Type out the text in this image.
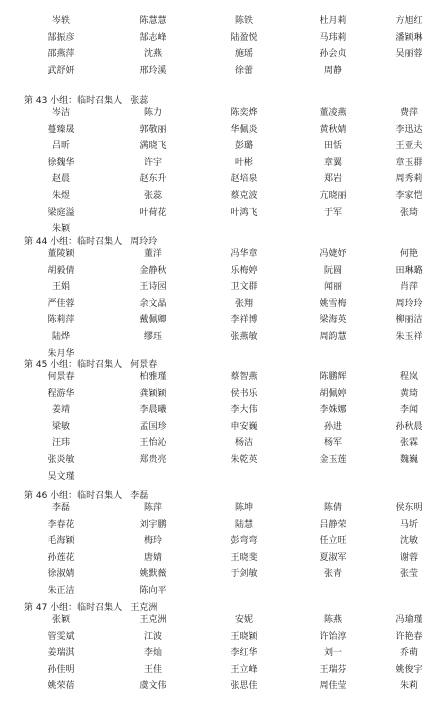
岑轶	陈慧慧	陈铁	杜月莉	方旭红
郜振彦	郜志峰	陆盈悦	马玮莉	潘颖琳
邵燕萍	沈燕	施瑶	孙会贞	吴丽蓉
武舒妍	邢玲溪	徐蕾	周静
第 43 小组：临时召集人 张蕊
岑洁	陈力	陈奕烨	董凌燕	费萍
蔓臻晟	郭敬丽	华佩炎	黄秋婧	李迅达
吕昕	满晓飞	彭璐	田恬	王亚夫
徐魏华	许宇	叶彬	章翼	章玉群
赵晨	赵东升	赵培泉	郑岩	周秀莉
朱煜	张蕊	蔡克波	亢晓丽	李家恺
梁庭溢	叶荷花	叶鸿飞	于军	张琦
朱颖
第 44 小组：临时召集人 周玲玲
董陵颖	董洋	冯华章	冯婕妤	何艳
胡毅倩	金静秋	乐梅婷	阮圆	田琳璐
王娟	王诗园	卫文群	闻丽	肖萍
严佳蓉	余文晶	张翔	姚雪梅	周玲玲
陈莉萍	戴佩卿	李祥博	梁海英	柳丽洁
陆烨	缪珏	张燕敏	周韵慧	朱玉祥
朱月华
第 45 小组：临时召集人 何景春
何景春	柏雅瑾	蔡智燕	陈鹏辉	程岚
程游华	龚颖颖	侯书乐	胡佩婷	黄琦
姜靖	李晨曦	李大伟	李姝娜	李闻
梁敏	孟国珍	申安巍	孙进	孙秋晨
汪玮	王怡沁	杨洁	杨军	张霖
张炎敏	郑贵亮	朱乾英	金玉莲	魏巍
吴文瑾
第 46 小组：临时召集人 李磊
李磊	陈萍	陈坤	陈倩	侯东明
李春花	刘宇鹏	陆慧	吕静荣	马圻
毛海颖	梅玲	彭弯弯	任立旺	沈敏
孙莲花	唐婧	王晓斐	夏淑军	谢蓉
徐淑婧	姚默薇	于剑敏	张青	张莹
朱正洁	陈向平
第 47 小组：临时召集人 王克洲
张颖	王克洲	安妮	陈燕	冯瑜瑾
管雯斌	江波	王晓颖	许饴淳	许艳春
姜瑞淇	李灿	李红华	刘一	乔萌
孙佳明	王佳	王立峰	王瑞芬	姚俊宇
姚荣蓓	虞文伟	张思佳	周佳莹	朱莉
